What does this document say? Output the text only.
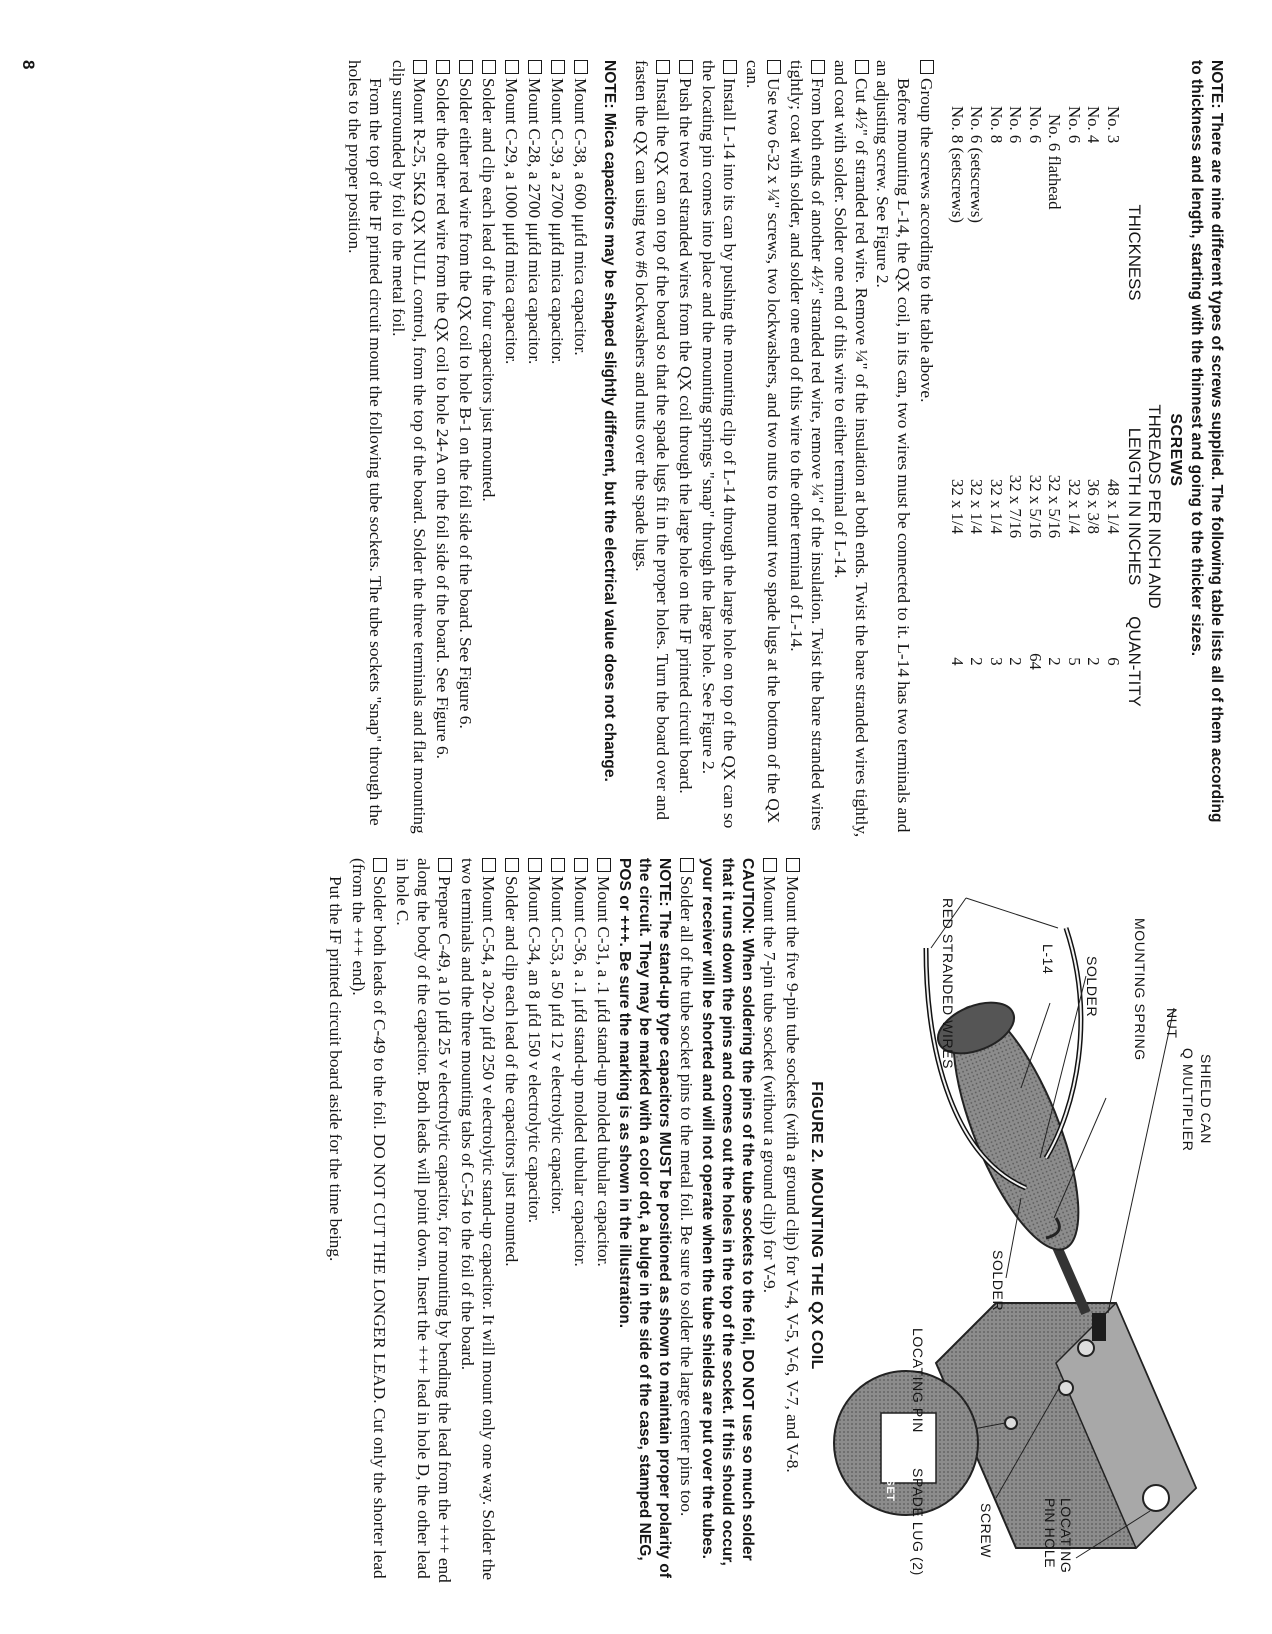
NOTE: There are nine different types of screws supplied. The following table lists all of them according to thickness and length, starting with the thinnest and going to the thicker sizes.

SCREWS
THICKNESS	THREADS PER INCH AND LENGTH IN INCHES	QUAN-TITY
No. 3	48 x 1/4	6
No. 4	36 x 3/8	2
No. 6	32 x 1/4	5
No. 6 flathead	32 x 5/16	2
No. 6	32 x 5/16	64
No. 6	32 x 7/16	2
No. 8	32 x 1/4	3
No. 6 (setscrews)	32 x 1/4	2
No. 8 (setscrews)	32 x 1/4	4

Group the screws according to the table above.

Before mounting L-14, the QX coil, in its can, two wires must be connected to it. L-14 has two terminals and an adjusting screw. See Figure 2.

Cut 4½" of stranded red wire. Remove ¼" of the insulation at both ends. Twist the bare stranded wires tightly, and coat with solder. Solder one end of this wire to either terminal of L-14.

From both ends of another 4½" stranded red wire, remove ¼" of the insulation. Twist the bare stranded wires tightly; coat with solder, and solder one end of this wire to the other terminal of L-14.

Use two 6-32 x ¼" screws, two lockwashers, and two nuts to mount two spade lugs at the bottom of the QX can.

Install L-14 into its can by pushing the mounting clip of L-14 through the large hole on top of the QX can so the locating pin comes into place and the mounting springs "snap" through the large hole. See Figure 2.

Push the two red stranded wires from the QX coil through the large hole on the IF printed circuit board.

Install the QX can on top of the board so that the spade lugs fit in the proper holes. Turn the board over and fasten the QX can using two #6 lockwashers and nuts over the spade lugs.

NOTE: Mica capacitors may be shaped slightly different, but the electrical value does not change.

Mount C-38, a 600 μμfd mica capacitor.

Mount C-39, a 2700 μμfd mica capacitor.

Mount C-28, a 2700 μμfd mica capacitor.

Mount C-29, a 1000 μμfd mica capacitor.

Solder and clip each lead of the four capacitors just mounted.

Solder either red wire from the QX coil to hole B-1 on the foil side of the board. See Figure 6.

Solder the other red wire from the QX coil to hole 24-A on the foil side of the board. See Figure 6.

Mount R-25, 5KΩ QX NULL control, from the top of the board. Solder the three terminals and flat mounting clip surrounded by foil to the metal foil.

From the top of the IF printed circuit mount the following tube sockets. The tube sockets "snap" through the holes to the proper position.

8
SHIELD CAN
Q MULTIPLIER
MOUNTING SPRING
SOLDER
L-14
NUT
SOLDER
RED STRANDED WIRES
LOCATING PIN
SPADE LUG (2)	SCREW	LOCATING PIN HOLE
NOTE OFFSET
FIGURE 2. MOUNTING THE QX COIL

Mount the five 9-pin tube sockets (with a ground clip) for V-4, V-5, V-6, V-7, and V-8.

Mount the 7-pin tube socket (without a ground clip) for V-9.

CAUTION: When soldering the pins of the tube sockets to the foil, DO NOT use so much solder that it runs down the pins and comes out the holes in the top of the socket. If this should occur, your receiver will be shorted and will not operate when the tube shields are put over the tubes.

Solder all of the tube socket pins to the metal foil. Be sure to solder the large center pins too.

NOTE: The stand-up type capacitors MUST be positioned as shown to maintain proper polarity of the circuit. They may be marked with a color dot, a bulge in the side of the case, stamped NEG, POS or +++. Be sure the marking is as shown in the illustration.

Mount C-31, a .1 μfd stand-up molded tubular capacitor.

Mount C-36, a .1 μfd stand-up molded tubular capacitor.

Mount C-53, a 50 μfd 12 v electrolytic capacitor.

Mount C-34, an 8 μfd 150 v electrolytic capacitor.

Solder and clip each lead of the capacitors just mounted.

Mount C-54, a 20-20 μfd 250 v electrolytic stand-up capacitor. It will mount only one way. Solder the two terminals and the three mounting tabs of C-54 to the foil of the board.

Prepare C-49, a 10 μfd 25 v electrolytic capacitor, for mounting by bending the lead from the +++ end along the body of the capacitor. Both leads will point down. Insert the +++ lead in hole D, the other lead in hole C.

Solder both leads of C-49 to the foil. DO NOT CUT THE LONGER LEAD. Cut only the shorter lead (from the +++ end).

Put the IF printed circuit board aside for the time being.
